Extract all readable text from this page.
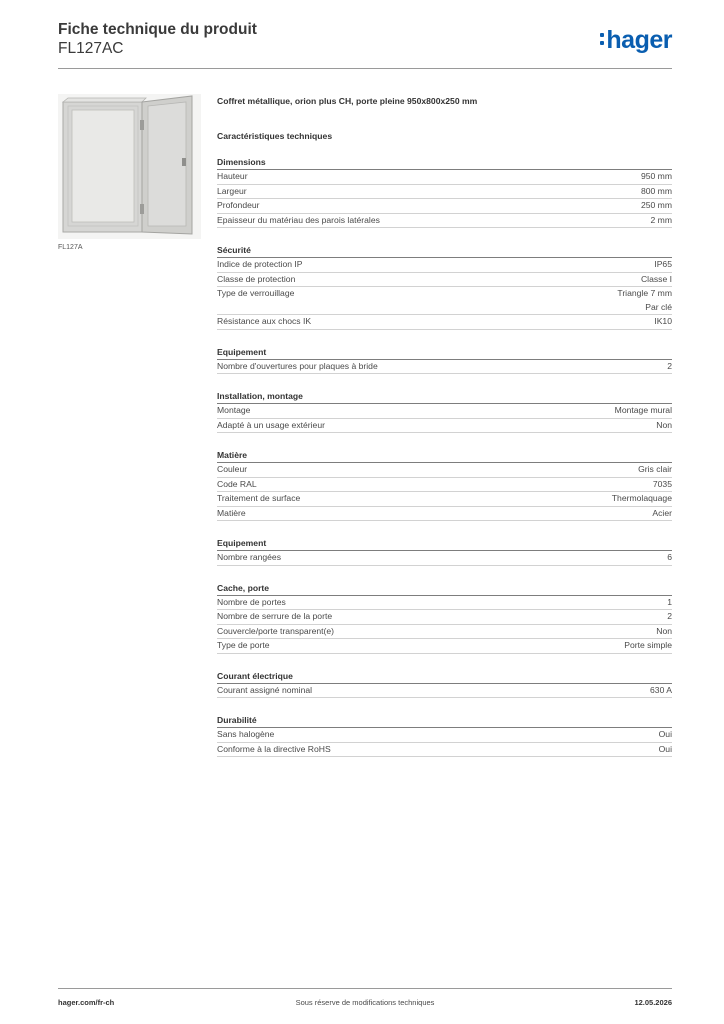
Fiche technique du produit
FL127AC	hager
FL127A
Coffret métallique, orion plus CH, porte pleine 950x800x250 mm
Caractéristiques techniques
Dimensions
Hauteur	950 mm
Largeur	800 mm
Profondeur	250 mm
Epaisseur du matériau des parois latérales	2 mm
Sécurité
Indice de protection IP	IP65
Classe de protection	Classe I
Type de verrouillage	Triangle 7 mm
Par clé
Résistance aux chocs IK	IK10
Equipement
Nombre d'ouvertures pour plaques à bride	2
Installation, montage
Montage	Montage mural
Adapté à un usage extérieur	Non
Matière
Couleur	Gris clair
Code RAL	7035
Traitement de surface	Thermolaquage
Matière	Acier
Equipement
Nombre rangées	6
Cache, porte
Nombre de portes	1
Nombre de serrure de la porte	2
Couvercle/porte transparent(e)	Non
Type de porte	Porte simple
Courant électrique
Courant assigné nominal	630 A
Durabilité
Sans halogène	Oui
Conforme à la directive RoHS	Oui
hager.com/fr-ch	Sous réserve de modifications techniques	12.05.2026
